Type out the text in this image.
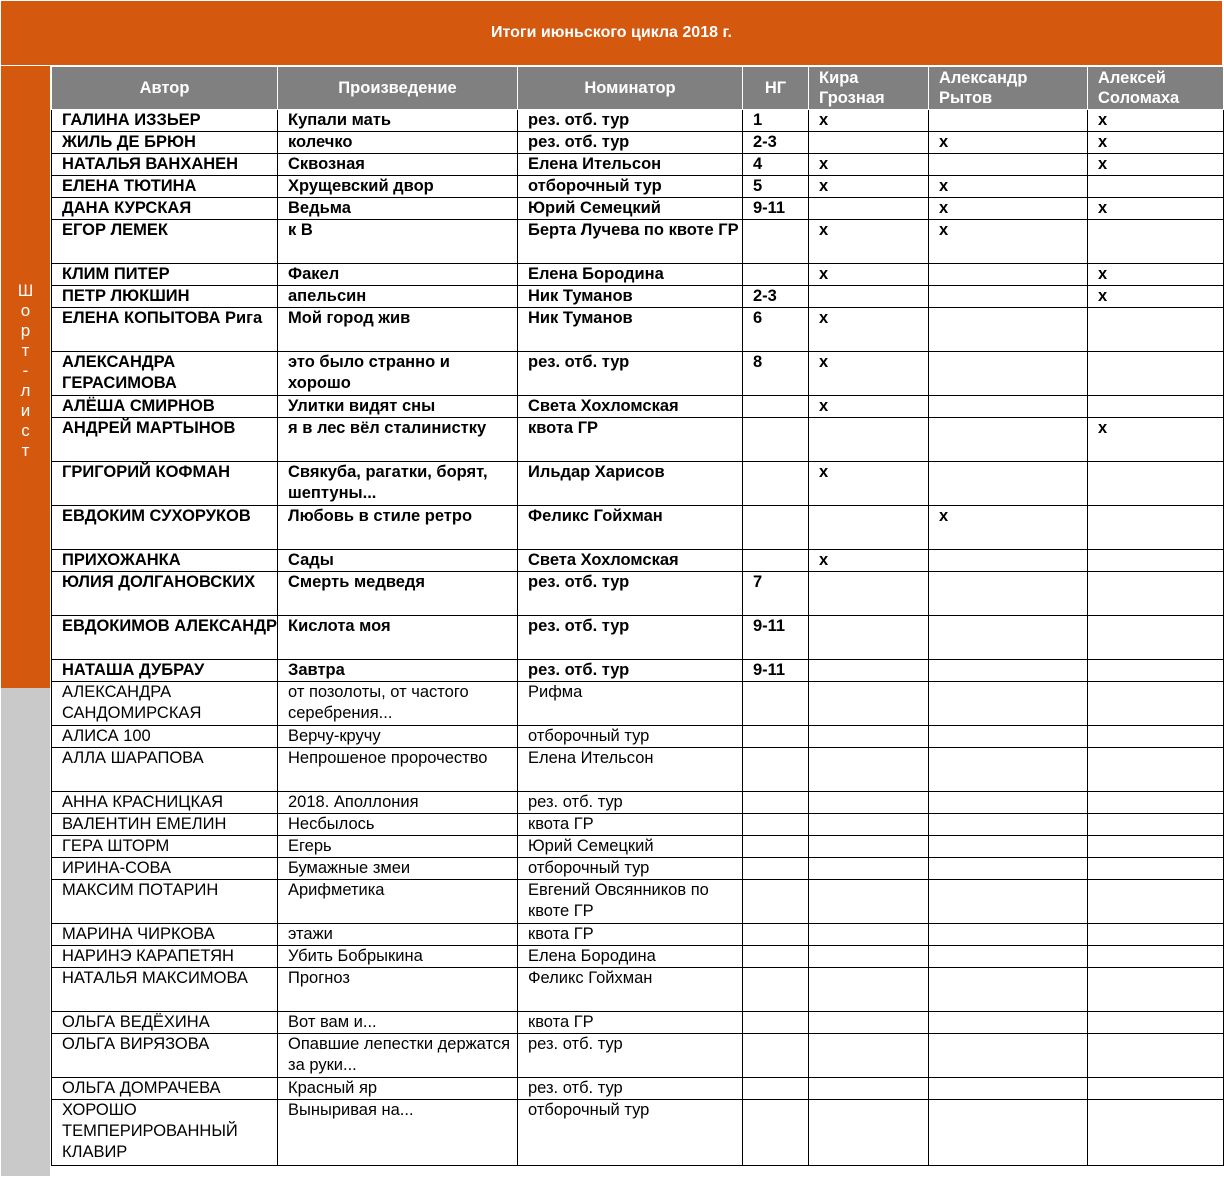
Итоги июньского цикла 2018 г.
Ш
о
р
т
-
л
и
с
т
Автор	Произведение	Номинатор	НГ	Кира Грозная	Александр Рытов	Алексей Соломаха
ГАЛИНА ИЗЗЬЕР	Купали мать	рез. отб. тур	1	x		x
ЖИЛЬ ДЕ БРЮН	колечко	рез. отб. тур	2-3		x	x
НАТАЛЬЯ ВАНХАНЕН	Сквозная	Елена Ительсон	4	x		x
ЕЛЕНА ТЮТИНА	Хрущевский двор	отборочный тур	5	x	x	
ДАНА КУРСКАЯ	Ведьма	Юрий Семецкий	9-11		x	x
ЕГОР ЛЕМЕК	к В	Берта Лучева по квоте ГР		x	x	
КЛИМ ПИТЕР	Факел	Елена Бородина		x		x
ПЕТР ЛЮКШИН	апельсин	Ник Туманов	2-3			x
ЕЛЕНА КОПЫТОВА Рига	Мой город жив	Ник Туманов	6	x		
АЛЕКСАНДРА ГЕРАСИМОВА	это было странно и хорошо	рез. отб. тур	8	x		
АЛЁША СМИРНОВ	Улитки видят сны	Света Хохломская		x		
АНДРЕЙ МАРТЫНОВ	я в лес вёл сталинистку	квота ГР				x
ГРИГОРИЙ КОФМАН	Свякуба, рагатки, борят, шептуны...	Ильдар Харисов		x		
ЕВДОКИМ СУХОРУКОВ	Любовь в стиле ретро	Феликс Гойхман			x	
ПРИХОЖАНКА	Сады	Света Хохломская		x		
ЮЛИЯ ДОЛГАНОВСКИХ	Смерть медведя	рез. отб. тур	7			
ЕВДОКИМОВ АЛЕКСАНДР	Кислота моя	рез. отб. тур	9-11			
НАТАША ДУБРАУ	Завтра	рез. отб. тур	9-11			
АЛЕКСАНДРА САНДОМИРСКАЯ	от позолоты, от частого серебрения...	Рифма				
АЛИСА 100	Верчу-кручу	отборочный тур				
АЛЛА ШАРАПОВА	Непрошеное пророчество	Елена Ительсон				
АННА КРАСНИЦКАЯ	2018. Аполлония	рез. отб. тур				
ВАЛЕНТИН ЕМЕЛИН	Несбылось	квота ГР				
ГЕРА ШТОРМ	Егерь	Юрий Семецкий				
ИРИНА-СОВА	Бумажные змеи	отборочный тур				
МАКСИМ ПОТАРИН	Арифметика	Евгений Овсянников по квоте ГР				
МАРИНА ЧИРКОВА	этажи	квота ГР				
НАРИНЭ КАРАПЕТЯН	Убить Бобрыкина	Елена Бородина				
НАТАЛЬЯ МАКСИМОВА	Прогноз	Феликс Гойхман				
ОЛЬГА ВЕДЁХИНА	Вот вам и...	квота ГР				
ОЛЬГА ВИРЯЗОВА	Опавшие лепестки держатся за руки...	рез. отб. тур				
ОЛЬГА ДОМРАЧЕВА	Красный яр	рез. отб. тур				
ХОРОШО ТЕМПЕРИРОВАННЫЙ КЛАВИР	Выныривая на...	отборочный тур				
